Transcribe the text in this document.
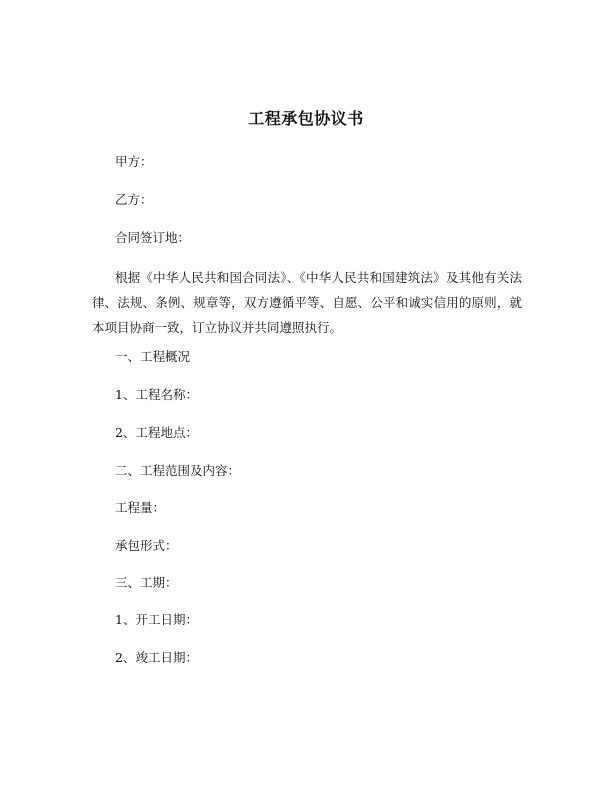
工程承包协议书
甲方：
乙方：
合同签订地：
根据《中华人民共和国合同法》、《中华人民共和国建筑法》及其他有关法律、法规、条例、规章等，双方遵循平等、自愿、公平和诚实信用的原则，就本项目协商一致，订立协议并共同遵照执行。
一、工程概况
1、工程名称：
2、工程地点：
二、工程范围及内容：
工程量：
承包形式：
三、工期：
1、开工日期：
2、竣工日期：
